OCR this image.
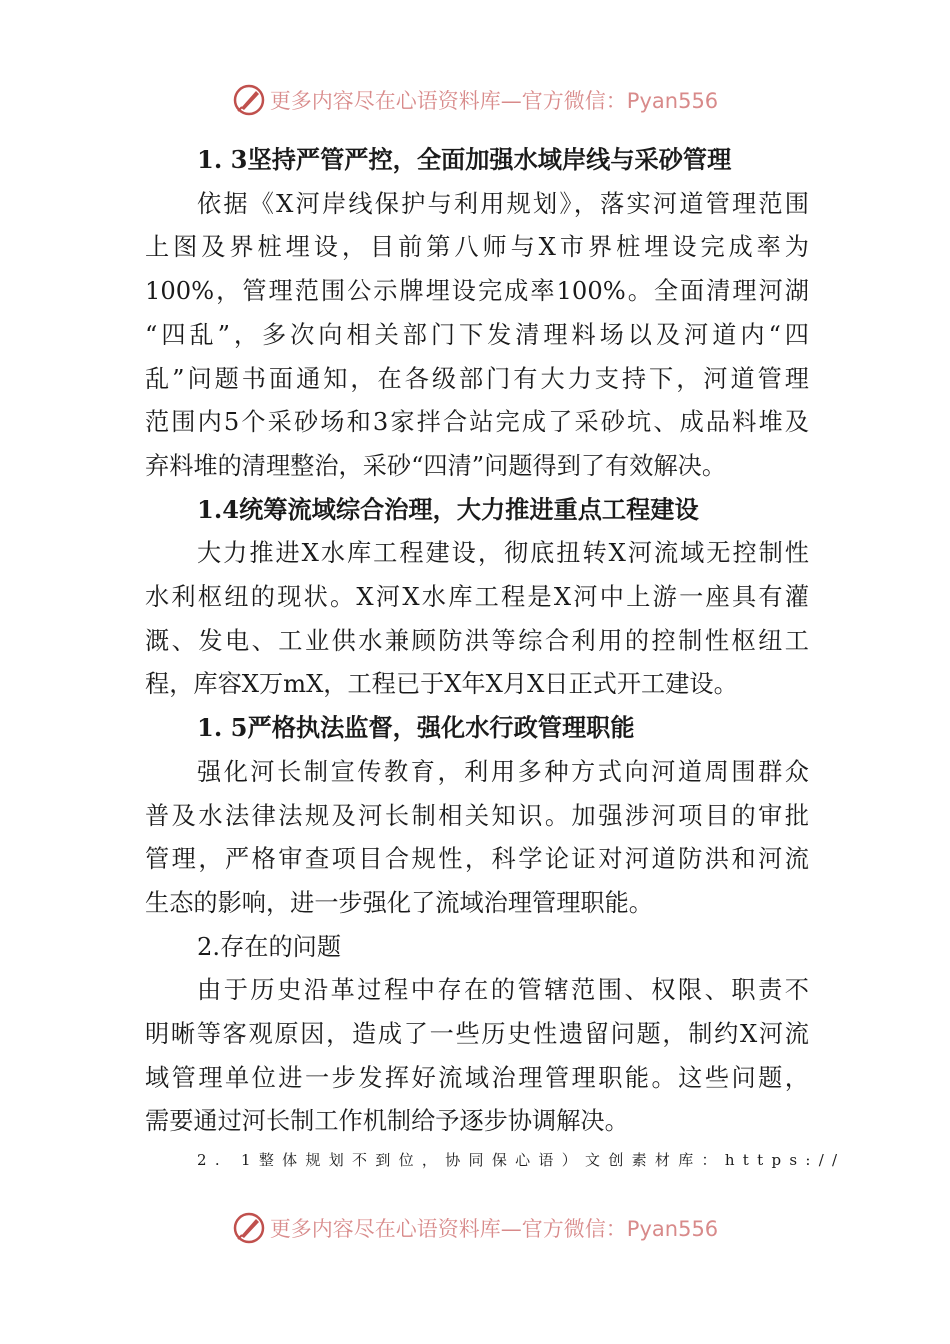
更多内容尽在心语资料库—官方微信：Pyan556
1. 3坚持严管严控，全面加强水域岸线与采砂管理
依据《X河岸线保护与利用规划》，落实河道管理范围
上图及界桩埋设，目前第八师与X市界桩埋设完成率为
100%，管理范围公示牌埋设完成率100%。全面清理河湖
“四乱”，多次向相关部门下发清理料场以及河道内“四
乱”问题书面通知，在各级部门有大力支持下，河道管理
范围内5个采砂场和3家拌合站完成了采砂坑、成品料堆及
弃料堆的清理整治，采砂“四清”问题得到了有效解决。
1.4统筹流域综合治理，大力推进重点工程建设
大力推进X水库工程建设，彻底扭转X河流域无控制性
水利枢纽的现状。X河X水库工程是X河中上游一座具有灌
溉、发电、工业供水兼顾防洪等综合利用的控制性枢纽工
程，库容X万mX，工程已于X年X月X日正式开工建设。
1. 5严格执法监督，强化水行政管理职能
强化河长制宣传教育，利用多种方式向河道周围群众
普及水法律法规及河长制相关知识。加强涉河项目的审批
管理，严格审查项目合规性，科学论证对河道防洪和河流
生态的影响，进一步强化了流域治理管理职能。
2.存在的问题
由于历史沿革过程中存在的管辖范围、权限、职责不
明晰等客观原因，造成了一些历史性遗留问题，制约X河流
域管理单位进一步发挥好流域治理管理职能。这些问题，
需要通过河长制工作机制给予逐步协调解决。
2. 1整体规划不到位，协同保心语）文创素材库：https://
更多内容尽在心语资料库—官方微信：Pyan556
